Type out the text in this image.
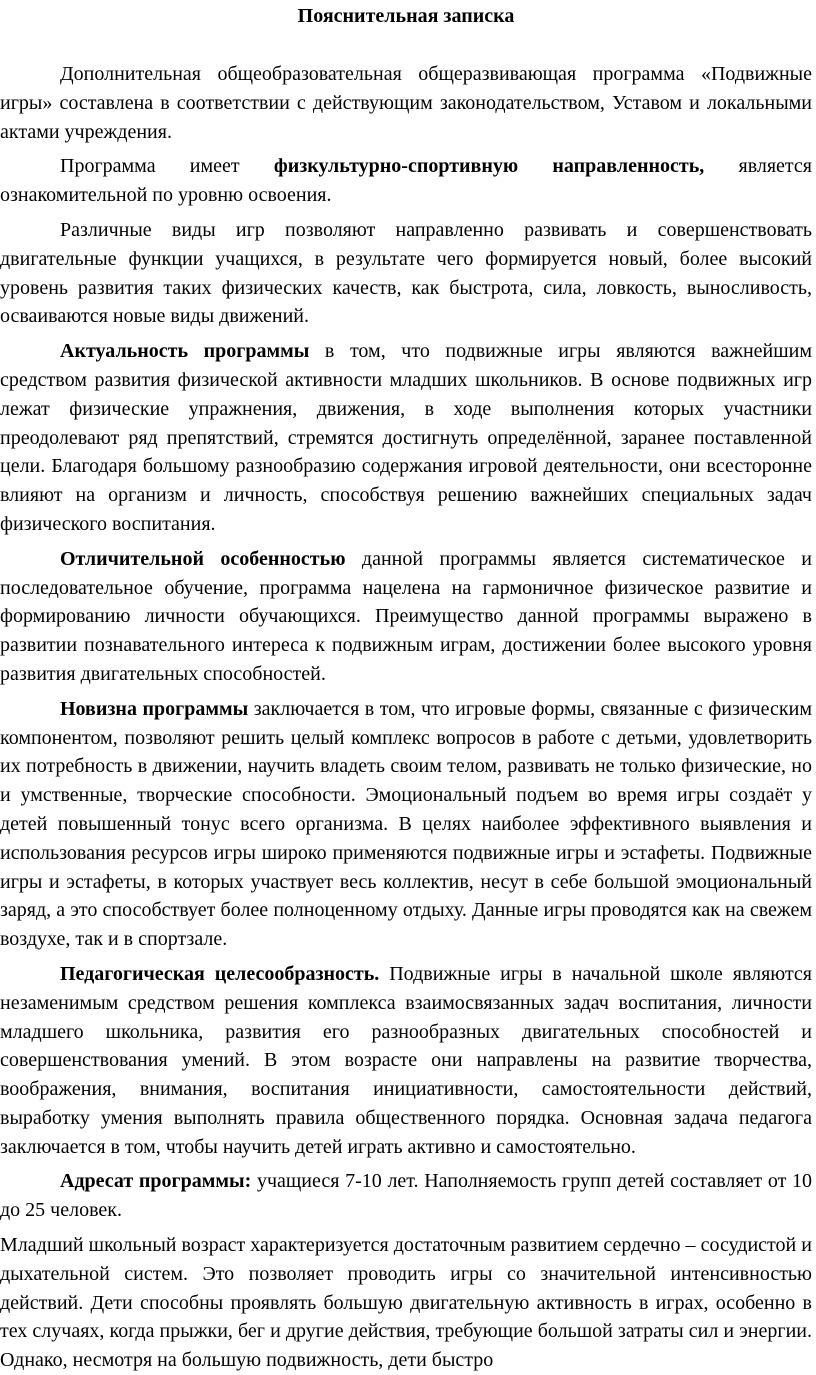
Пояснительная записка

Дополнительная общеобразовательная общеразвивающая программа «Подвижные игры» составлена в соответствии с действующим законодательством, Уставом и локальными актами учреждения.

Программа имеет физкультурно-спортивную направленность, является ознакомительной по уровню освоения.

Различные виды игр позволяют направленно развивать и совершенствовать двигательные функции учащихся, в результате чего формируется новый, более высокий уровень развития таких физических качеств, как быстрота, сила, ловкость, выносливость, осваиваются новые виды движений.

Актуальность программы в том, что подвижные игры являются важнейшим средством развития физической активности младших школьников. В основе подвижных игр лежат физические упражнения, движения, в ходе выполнения которых участники преодолевают ряд препятствий, стремятся достигнуть определённой, заранее поставленной цели. Благодаря большому разнообразию содержания игровой деятельности, они всесторонне влияют на организм и личность, способствуя решению важнейших специальных задач физического воспитания.

Отличительной особенностью данной программы является систематическое и последовательное обучение, программа нацелена на гармоничное физическое развитие и формированию личности обучающихся. Преимущество данной программы выражено в развитии познавательного интереса к подвижным играм, достижении более высокого уровня развития двигательных способностей.

Новизна программы заключается в том, что игровые формы, связанные с физическим компонентом, позволяют решить целый комплекс вопросов в работе с детьми, удовлетворить их потребность в движении, научить владеть своим телом, развивать не только физические, но и умственные, творческие способности. Эмоциональный подъем во время игры создаёт у детей повышенный тонус всего организма. В целях наиболее эффективного выявления и использования ресурсов игры широко применяются подвижные игры и эстафеты. Подвижные игры и эстафеты, в которых участвует весь коллектив, несут в себе большой эмоциональный заряд, а это способствует более полноценному отдыху. Данные игры проводятся как на свежем воздухе, так и в спортзале.

Педагогическая целесообразность. Подвижные игры в начальной школе являются незаменимым средством решения комплекса взаимосвязанных задач воспитания, личности младшего школьника, развития его разнообразных двигательных способностей и совершенствования умений. В этом возрасте они направлены на развитие творчества, воображения, внимания, воспитания инициативности, самостоятельности действий, выработку умения выполнять правила общественного порядка. Основная задача педагога заключается в том, чтобы научить детей играть активно и самостоятельно.

Адресат программы: учащиеся 7-10 лет. Наполняемость групп детей составляет от 10 до 25 человек.

Младший школьный возраст характеризуется достаточным развитием сердечно – сосудистой и дыхательной систем. Это позволяет проводить игры со значительной интенсивностью действий. Дети способны проявлять большую двигательную активность в играх, особенно в тех случаях, когда прыжки, бег и другие действия, требующие большой затраты сил и энергии. Однако, несмотря на большую подвижность, дети быстро
